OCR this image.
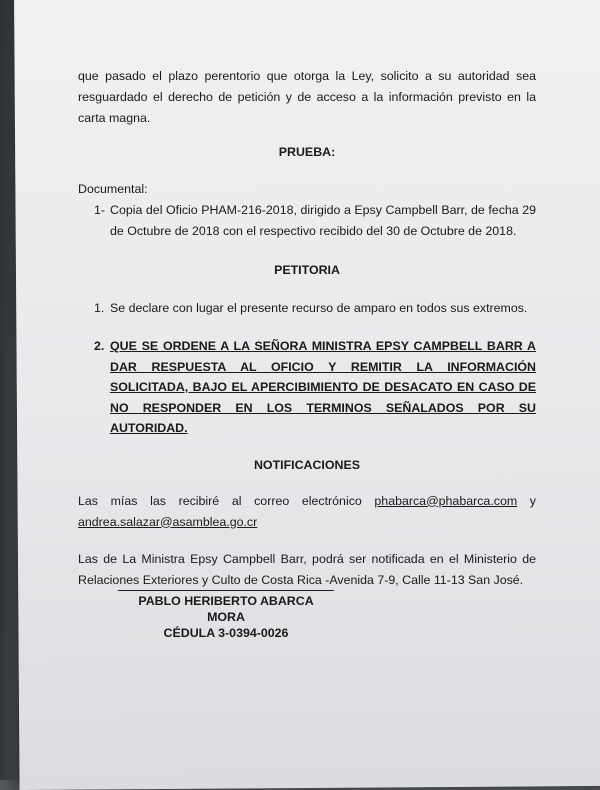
que pasado el plazo perentorio que otorga la Ley, solicito a su autoridad sea resguardado el derecho de petición y de acceso a la información previsto en la carta magna.

PRUEBA:

Documental:

1- Copia del Oficio PHAM-216-2018, dirigido a Epsy Campbell Barr, de fecha 29 de Octubre de 2018 con el respectivo recibido del 30 de Octubre de 2018.

PETITORIA

1. Se declare con lugar el presente recurso de amparo en todos sus extremos.
2. QUE SE ORDENE A LA SEÑORA MINISTRA EPSY CAMPBELL BARR A DAR RESPUESTA AL OFICIO Y REMITIR LA INFORMACIÓN SOLICITADA, BAJO EL APERCIBIMIENTO DE DESACATO EN CASO DE NO RESPONDER EN LOS TERMINOS SEÑALADOS POR SU AUTORIDAD.

NOTIFICACIONES

Las mías las recibiré al correo electrónico phabarca@phabarca.com y
andrea.salazar@asamblea.go.cr

Las de La Ministra Epsy Campbell Barr, podrá ser notificada en el Ministerio de Relaciones Exteriores y Culto de Costa Rica -Avenida 7-9, Calle 11-13 San José.

PABLO HERIBERTO ABARCA MORA
CÉDULA 3-0394-0026
